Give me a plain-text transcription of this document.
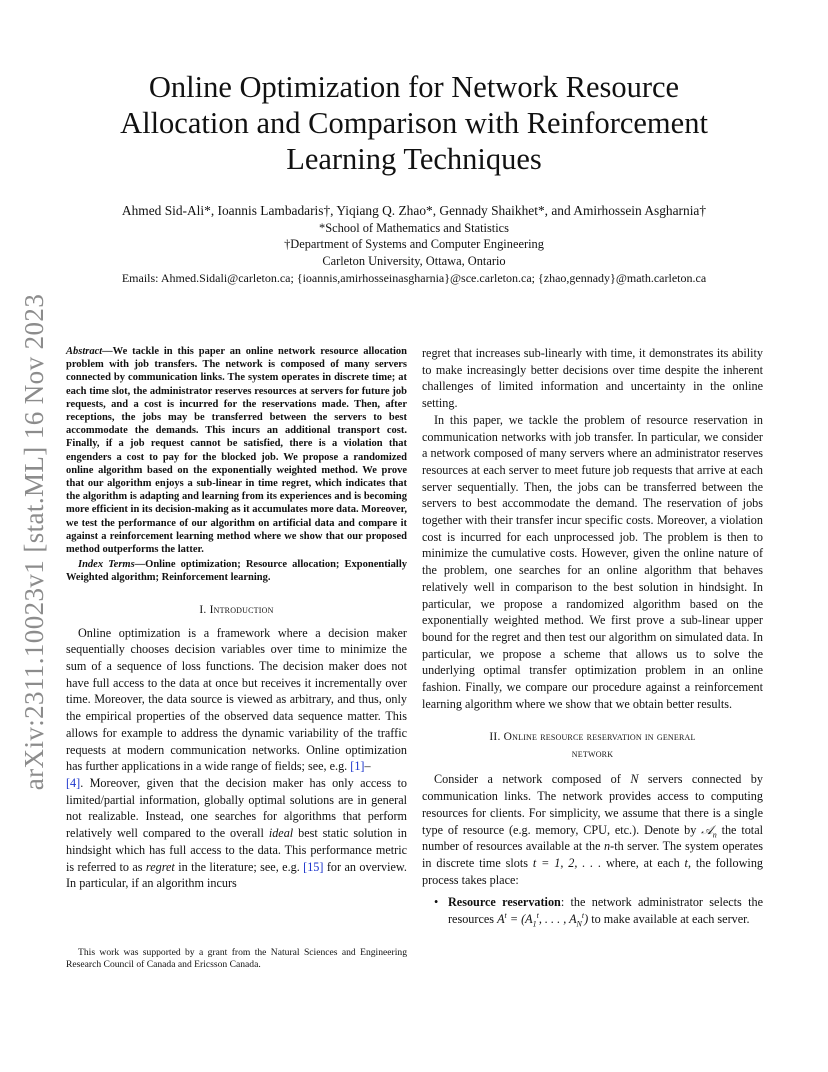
arXiv:2311.10023v1 [stat.ML] 16 Nov 2023
Online Optimization for Network Resource
Allocation and Comparison with Reinforcement
Learning Techniques
Ahmed Sid-Ali*, Ioannis Lambadaris†, Yiqiang Q. Zhao*, Gennady Shaikhet*, and Amirhossein Asgharnia†
*School of Mathematics and Statistics
†Department of Systems and Computer Engineering
Carleton University, Ottawa, Ontario
Emails: Ahmed.Sidali@carleton.ca; {ioannis,amirhosseinasgharnia}@sce.carleton.ca; {zhao,gennady}@math.carleton.ca
Abstract—We tackle in this paper an online network resource allocation problem with job transfers. The network is composed of many servers connected by communication links. The system operates in discrete time; at each time slot, the administrator reserves resources at servers for future job requests, and a cost is incurred for the reservations made. Then, after receptions, the jobs may be transferred between the servers to best accommodate the demands. This incurs an additional transport cost. Finally, if a job request cannot be satisfied, there is a violation that engenders a cost to pay for the blocked job. We propose a randomized online algorithm based on the exponentially weighted method. We prove that our algorithm enjoys a sub-linear in time regret, which indicates that the algorithm is adapting and learning from its experiences and is becoming more efficient in its decision-making as it accumulates more data. Moreover, we test the performance of our algorithm on artificial data and compare it against a reinforcement learning method where we show that our proposed method outperforms the latter.
Index Terms—Online optimization; Resource allocation; Exponentially Weighted algorithm; Reinforcement learning.
I. Introduction

Online optimization is a framework where a decision maker sequentially chooses decision variables over time to minimize the sum of a sequence of loss functions. The decision maker does not have full access to the data at once but receives it incrementally over time. Moreover, the data source is viewed as arbitrary, and thus, only the empirical properties of the observed data sequence matter. This allows for example to address the dynamic variability of the traffic requests at modern communication networks. Online optimization has further applications in a wide range of fields; see, e.g. [1]–
[4]. Moreover, given that the decision maker has only access to limited/partial information, globally optimal solutions are in general not realizable. Instead, one searches for algorithms that perform relatively well compared to the overall ideal best static solution in hindsight which has full access to the data. This performance metric is referred to as regret in the literature; see, e.g. [15] for an overview. In particular, if an algorithm incurs

This work was supported by a grant from the Natural Sciences and Engineering Research Council of Canada and Ericsson Canada.

regret that increases sub-linearly with time, it demonstrates its ability to make increasingly better decisions over time despite the inherent challenges of limited information and uncertainty in the online setting.

In this paper, we tackle the problem of resource reservation in communication networks with job transfer. In particular, we consider a network composed of many servers where an administrator reserves resources at each server to meet future job requests that arrive at each server sequentially. Then, the jobs can be transferred between the servers to best accommodate the demand. The reservation of jobs together with their transfer incur specific costs. Moreover, a violation cost is incurred for each unprocessed job. The problem is then to minimize the cumulative costs. However, given the online nature of the problem, one searches for an online algorithm that behaves relatively well in comparison to the best solution in hindsight. In particular, we propose a randomized algorithm based on the exponentially weighted method. We first prove a sub-linear upper bound for the regret and then test our algorithm on simulated data. In particular, we propose a scheme that allows us to solve the underlying optimal transfer optimization problem in an online fashion. Finally, we compare our procedure against a reinforcement learning algorithm where we show that we obtain better results.

II. Online resource reservation in general
network

Consider a network composed of N servers connected by communication links. The network provides access to computing resources for clients. For simplicity, we assume that there is a single type of resource (e.g. memory, CPU, etc.). Denote by 𝒜$_n$ the total number of resources available at the n-th server. The system operates in discrete time slots t = 1, 2, . . . where, at each t, the following process takes place:

• Resource reservation: the network administrator selects the resources $A^t = (A_1^t$, . . . , $A_N^t$) to make available at each server.
